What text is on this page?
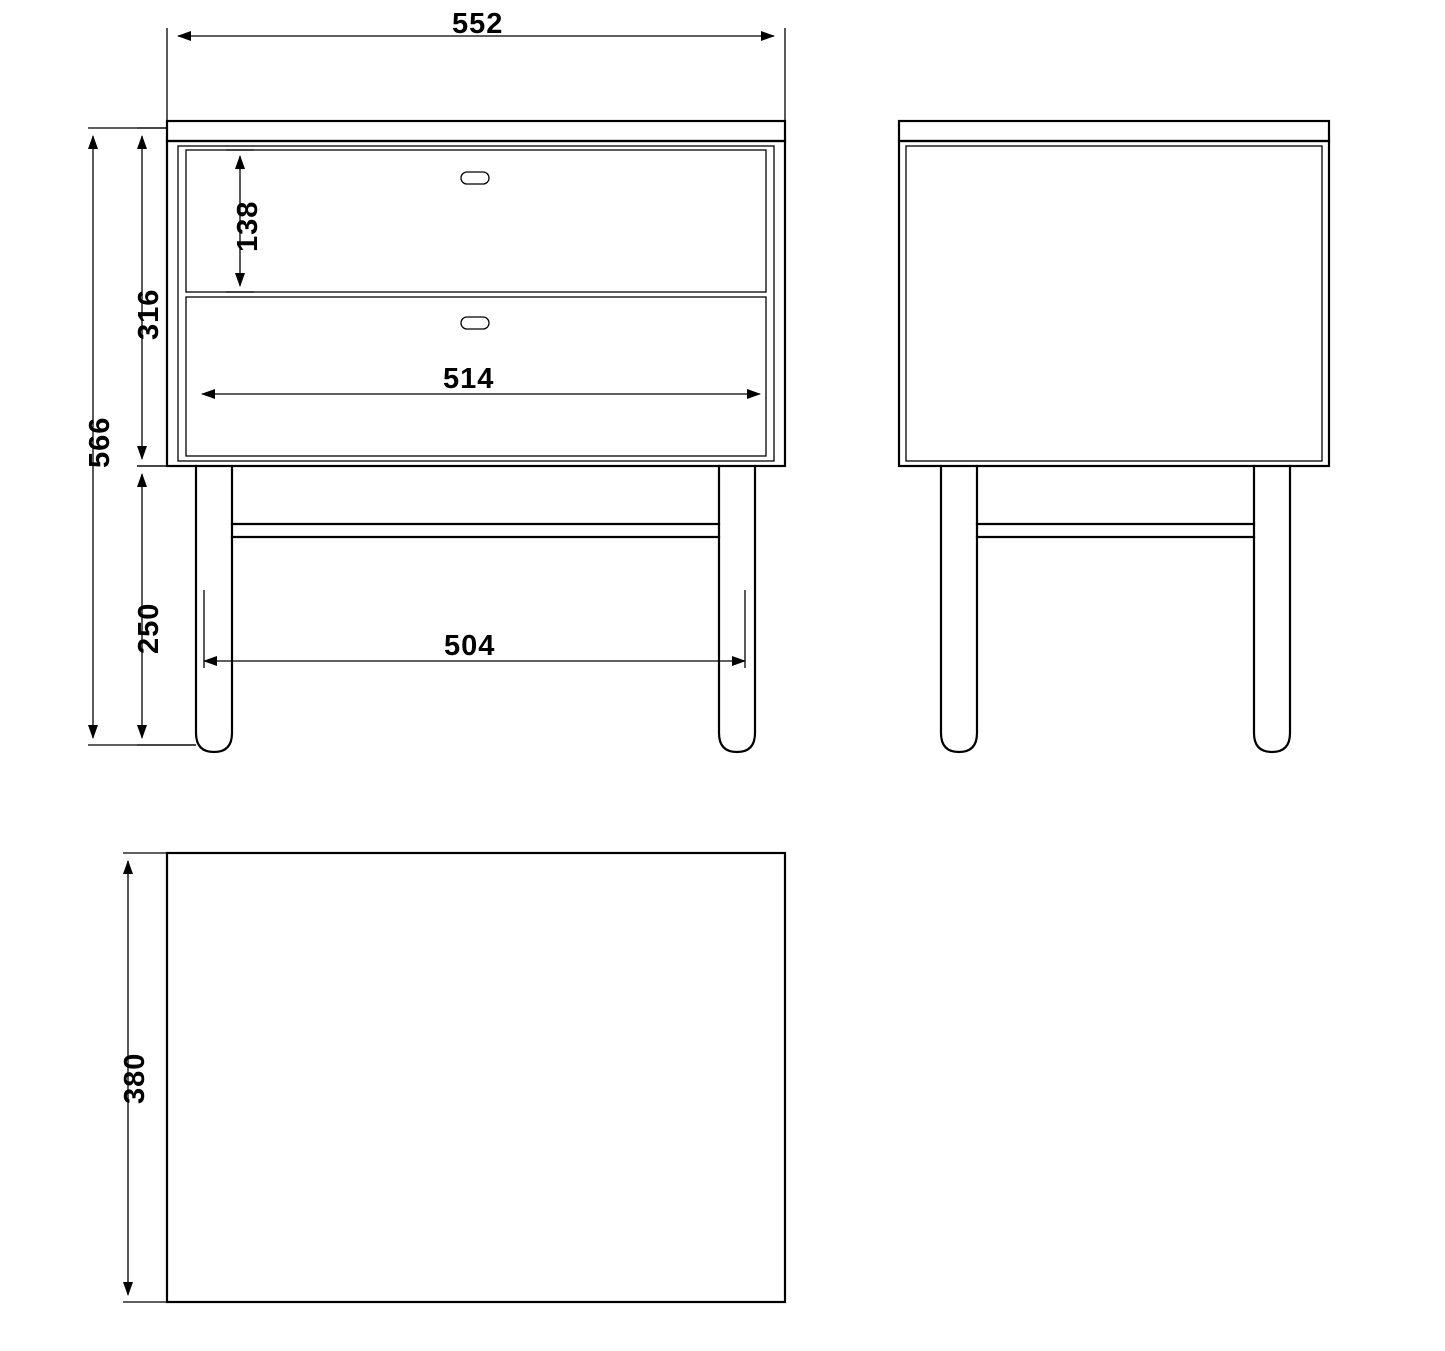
552
566
316
250
138
514
504
380
